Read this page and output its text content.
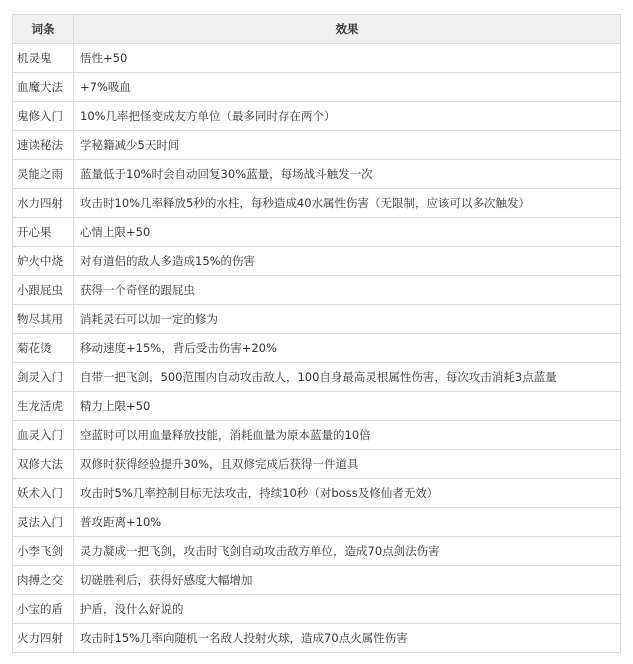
词条	效果
机灵鬼	悟性+50
血魔大法	+7%吸血
鬼修入门	10%几率把怪变成友方单位（最多同时存在两个）
速读秘法	学秘籍减少5天时间
灵能之雨	蓝量低于10%时会自动回复30%蓝量，每场战斗触发一次
水力四射	攻击时10%几率释放5秒的水柱，每秒造成40水属性伤害（无限制，应该可以多次触发）
开心果	心情上限+50
妒火中烧	对有道侣的敌人多造成15%的伤害
小跟屁虫	获得一个奇怪的跟屁虫
物尽其用	消耗灵石可以加一定的修为
菊花烫	移动速度+15%，背后受击伤害+20%
剑灵入门	自带一把飞剑，500范围内自动攻击敌人，100自身最高灵根属性伤害，每次攻击消耗3点蓝量
生龙活虎	精力上限+50
血灵入门	空蓝时可以用血量释放技能，消耗血量为原本蓝量的10倍
双修大法	双修时获得经验提升30%，且双修完成后获得一件道具
妖术入门	攻击时5%几率控制目标无法攻击，持续10秒（对boss及修仙者无效）
灵法入门	普攻距离+10%
小李飞剑	灵力凝成一把飞剑，攻击时飞剑自动攻击敌方单位，造成70点剑法伤害
肉搏之交	切磋胜利后，获得好感度大幅增加
小宝的盾	护盾，没什么好说的
火力四射	攻击时15%几率向随机一名敌人投射火球，造成70点火属性伤害
